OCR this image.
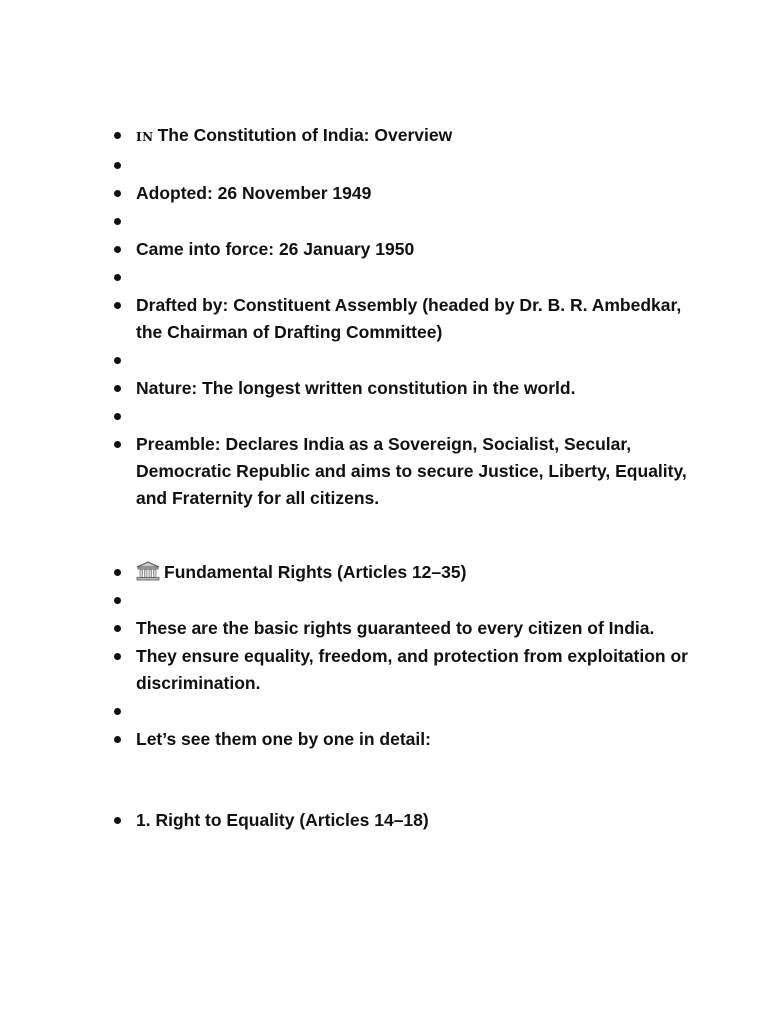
IN The Constitution of India: Overview
Adopted: 26 November 1949
Came into force: 26 January 1950
Drafted by: Constituent Assembly (headed by Dr. B. R. Ambedkar, the Chairman of Drafting Committee)
Nature: The longest written constitution in the world.
Preamble: Declares India as a Sovereign, Socialist, Secular, Democratic Republic and aims to secure Justice, Liberty, Equality, and Fraternity for all citizens.
Fundamental Rights (Articles 12–35)
These are the basic rights guaranteed to every citizen of India.
They ensure equality, freedom, and protection from exploitation or discrimination.
Let’s see them one by one in detail:
1. Right to Equality (Articles 14–18)
